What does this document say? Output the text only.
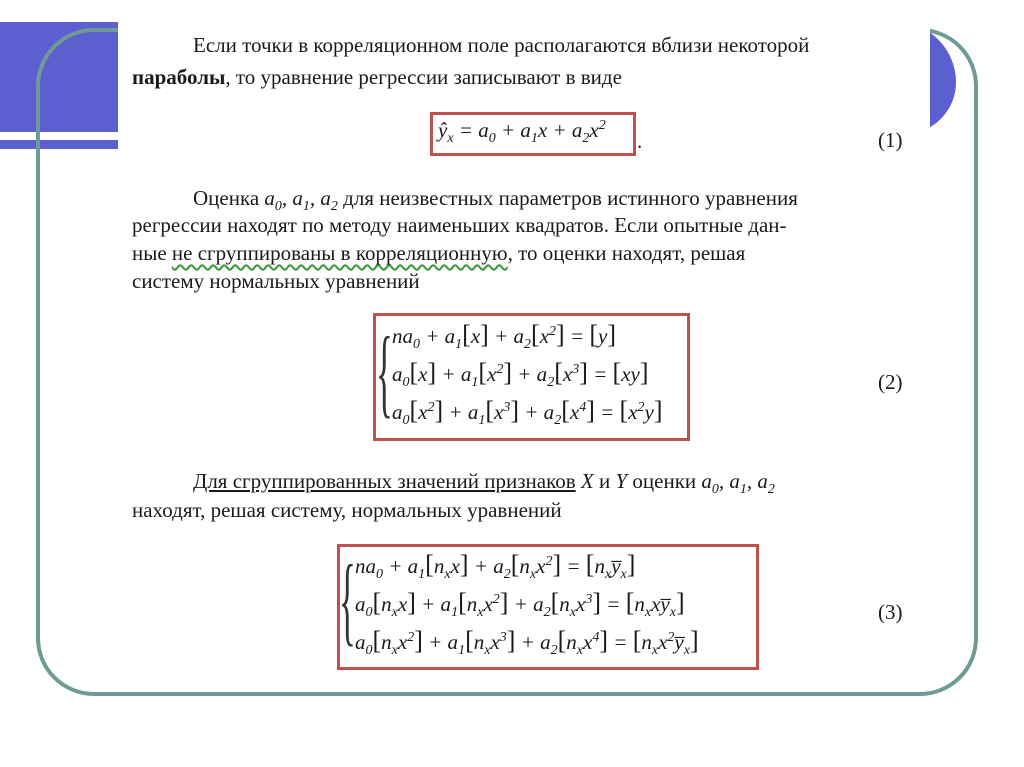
Если точки в корреляционном поле располагаются вблизи некоторой
параболы, то уравнение регрессии записывают в виде
$ŷ_x = a_0 + a_1x + a_2x^2$
.	(1)
Оценка $a_0$, $a_1$, $a_2$ для неизвестных параметров истинного уравнения
регрессии находят по методу наименьших квадратов. Если опытные дан-
ные не сгруппированы в корреляционную, то оценки находят, решая
систему нормальных уравнений
{ $na_0 + a_1[x] + a_2[x^2] = [y]$
$a_0[x] + a_1[x^2] + a_2[x^3] = [xy]$
$a_0[x^2] + a_1[x^3] + a_2[x^4] = [x^2y]$
(2)
Для сгруппированных значений признаков X и Y оценки $a_0$, $a_1$, $a_2$
находят, решая систему, нормальных уравнений
{ $na_0 + a_1[n_xx] + a_2[n_xx^2]$ = $[n_xy̅_x]$
$a_0[n_xx] + a_1[n_xx^2] + a_2[n_xx^3]$ = $[n_xxy̅_x]$
$a_0[n_xx^2] + a_1[n_xx^3] + a_2[n_xx^4]$ = $[n_xx^2y̅_x]$
(3)
